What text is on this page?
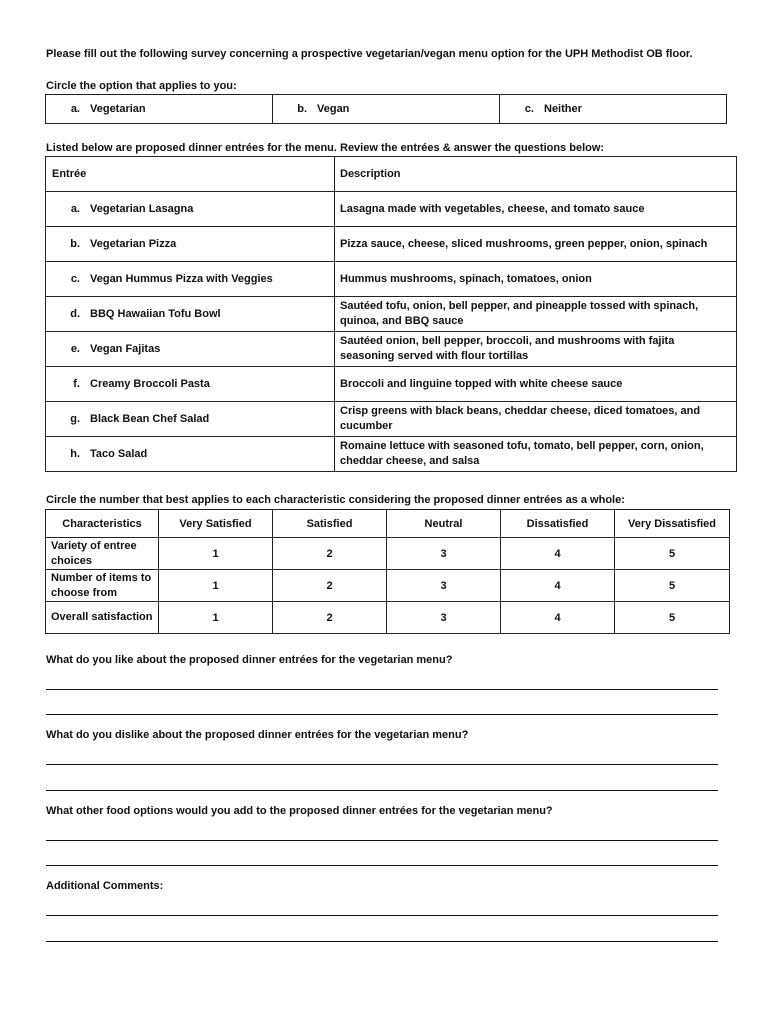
Please fill out the following survey concerning a prospective vegetarian/vegan menu option for the UPH Methodist OB floor.
Circle the option that applies to you:
a. Vegetarian	b. Vegan	c. Neither
Listed below are proposed dinner entrées for the menu. Review the entrées & answer the questions below:
Entrée	Description
a. Vegetarian Lasagna	Lasagna made with vegetables, cheese, and tomato sauce
b. Vegetarian Pizza	Pizza sauce, cheese, sliced mushrooms, green pepper, onion, spinach
c. Vegan Hummus Pizza with Veggies	Hummus mushrooms, spinach, tomatoes, onion
d. BBQ Hawaiian Tofu Bowl	Sautéed tofu, onion, bell pepper, and pineapple tossed with spinach, quinoa, and BBQ sauce
e. Vegan Fajitas	Sautéed onion, bell pepper, broccoli, and mushrooms with fajita seasoning served with flour tortillas
f. Creamy Broccoli Pasta	Broccoli and linguine topped with white cheese sauce
g. Black Bean Chef Salad	Crisp greens with black beans, cheddar cheese, diced tomatoes, and cucumber
h. Taco Salad	Romaine lettuce with seasoned tofu, tomato, bell pepper, corn, onion, cheddar cheese, and salsa
Circle the number that best applies to each characteristic considering the proposed dinner entrées as a whole:
Characteristics	Very Satisfied	Satisfied	Neutral	Dissatisfied	Very Dissatisfied
Variety of entree choices	1	2	3	4	5
Number of items to choose from	1	2	3	4	5
Overall satisfaction	1	2	3	4	5
What do you like about the proposed dinner entrées for the vegetarian menu?
What do you dislike about the proposed dinner entrées for the vegetarian menu?
What other food options would you add to the proposed dinner entrées for the vegetarian menu?
Additional Comments:
